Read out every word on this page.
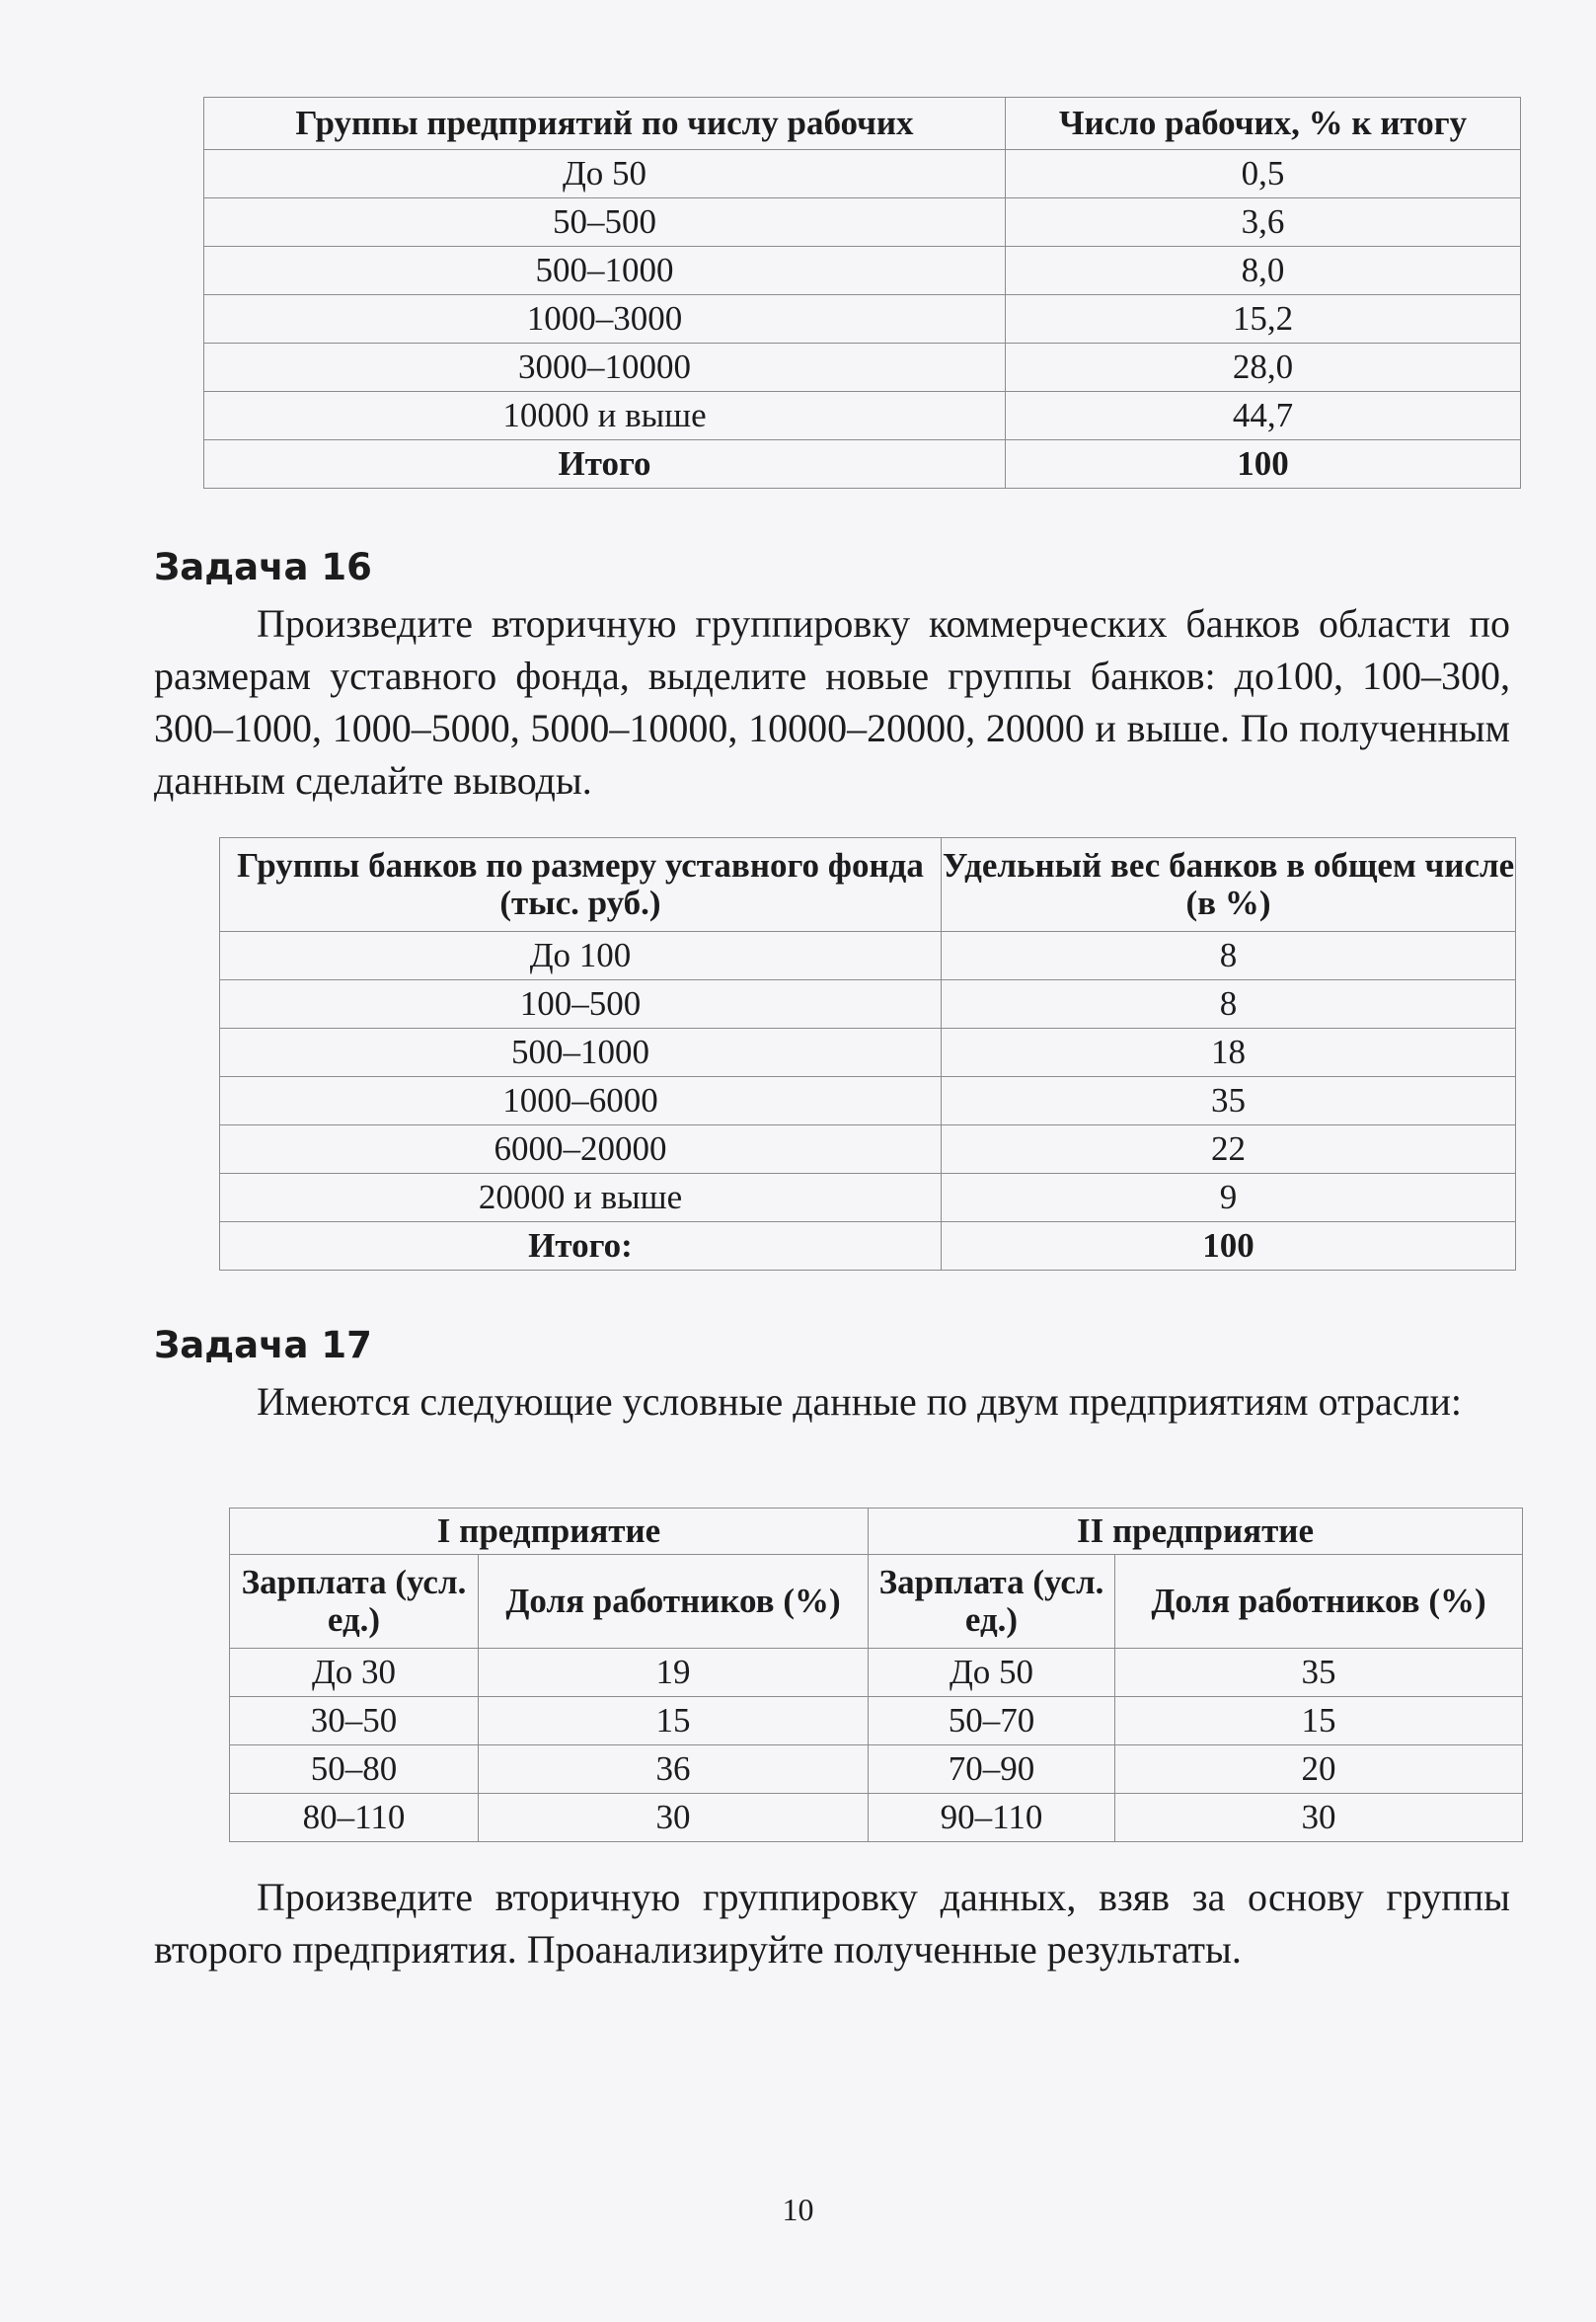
Группы предприятий по числу рабочих	Число рабочих, % к итогу
До 50	0,5
50–500	3,6
500–1000	8,0
1000–3000	15,2
3000–10000	28,0
10000 и выше	44,7
Итого	100
Задача 16

Произведите вторичную группировку коммерческих банков области по размерам уставного фонда, выделите новые группы банков: до100, 100–300, 300–1000, 1000–5000, 5000–10000, 10000–20000, 20000 и выше. По полученным данным сделайте выводы.

Группы банков по размеру уставного фонда (тыс. руб.)	Удельный вес банков в общем числе (в %)
До 100	8
100–500	8
500–1000	18
1000–6000	35
6000–20000	22
20000 и выше	9
Итого:	100
Задача 17

Имеются следующие условные данные по двум предприятиям отрасли:

I предприятие		II предприятие	
Зарплата (усл. ед.)	Доля работников (%)	Зарплата (усл. ед.)	Доля работников (%)
До 30	19	До 50	35
30–50	15	50–70	15
50–80	36	70–90	20
80–110	30	90–110	30

Произведите вторичную группировку данных, взяв за основу группы второго предприятия. Проанализируйте полученные результаты.

10
